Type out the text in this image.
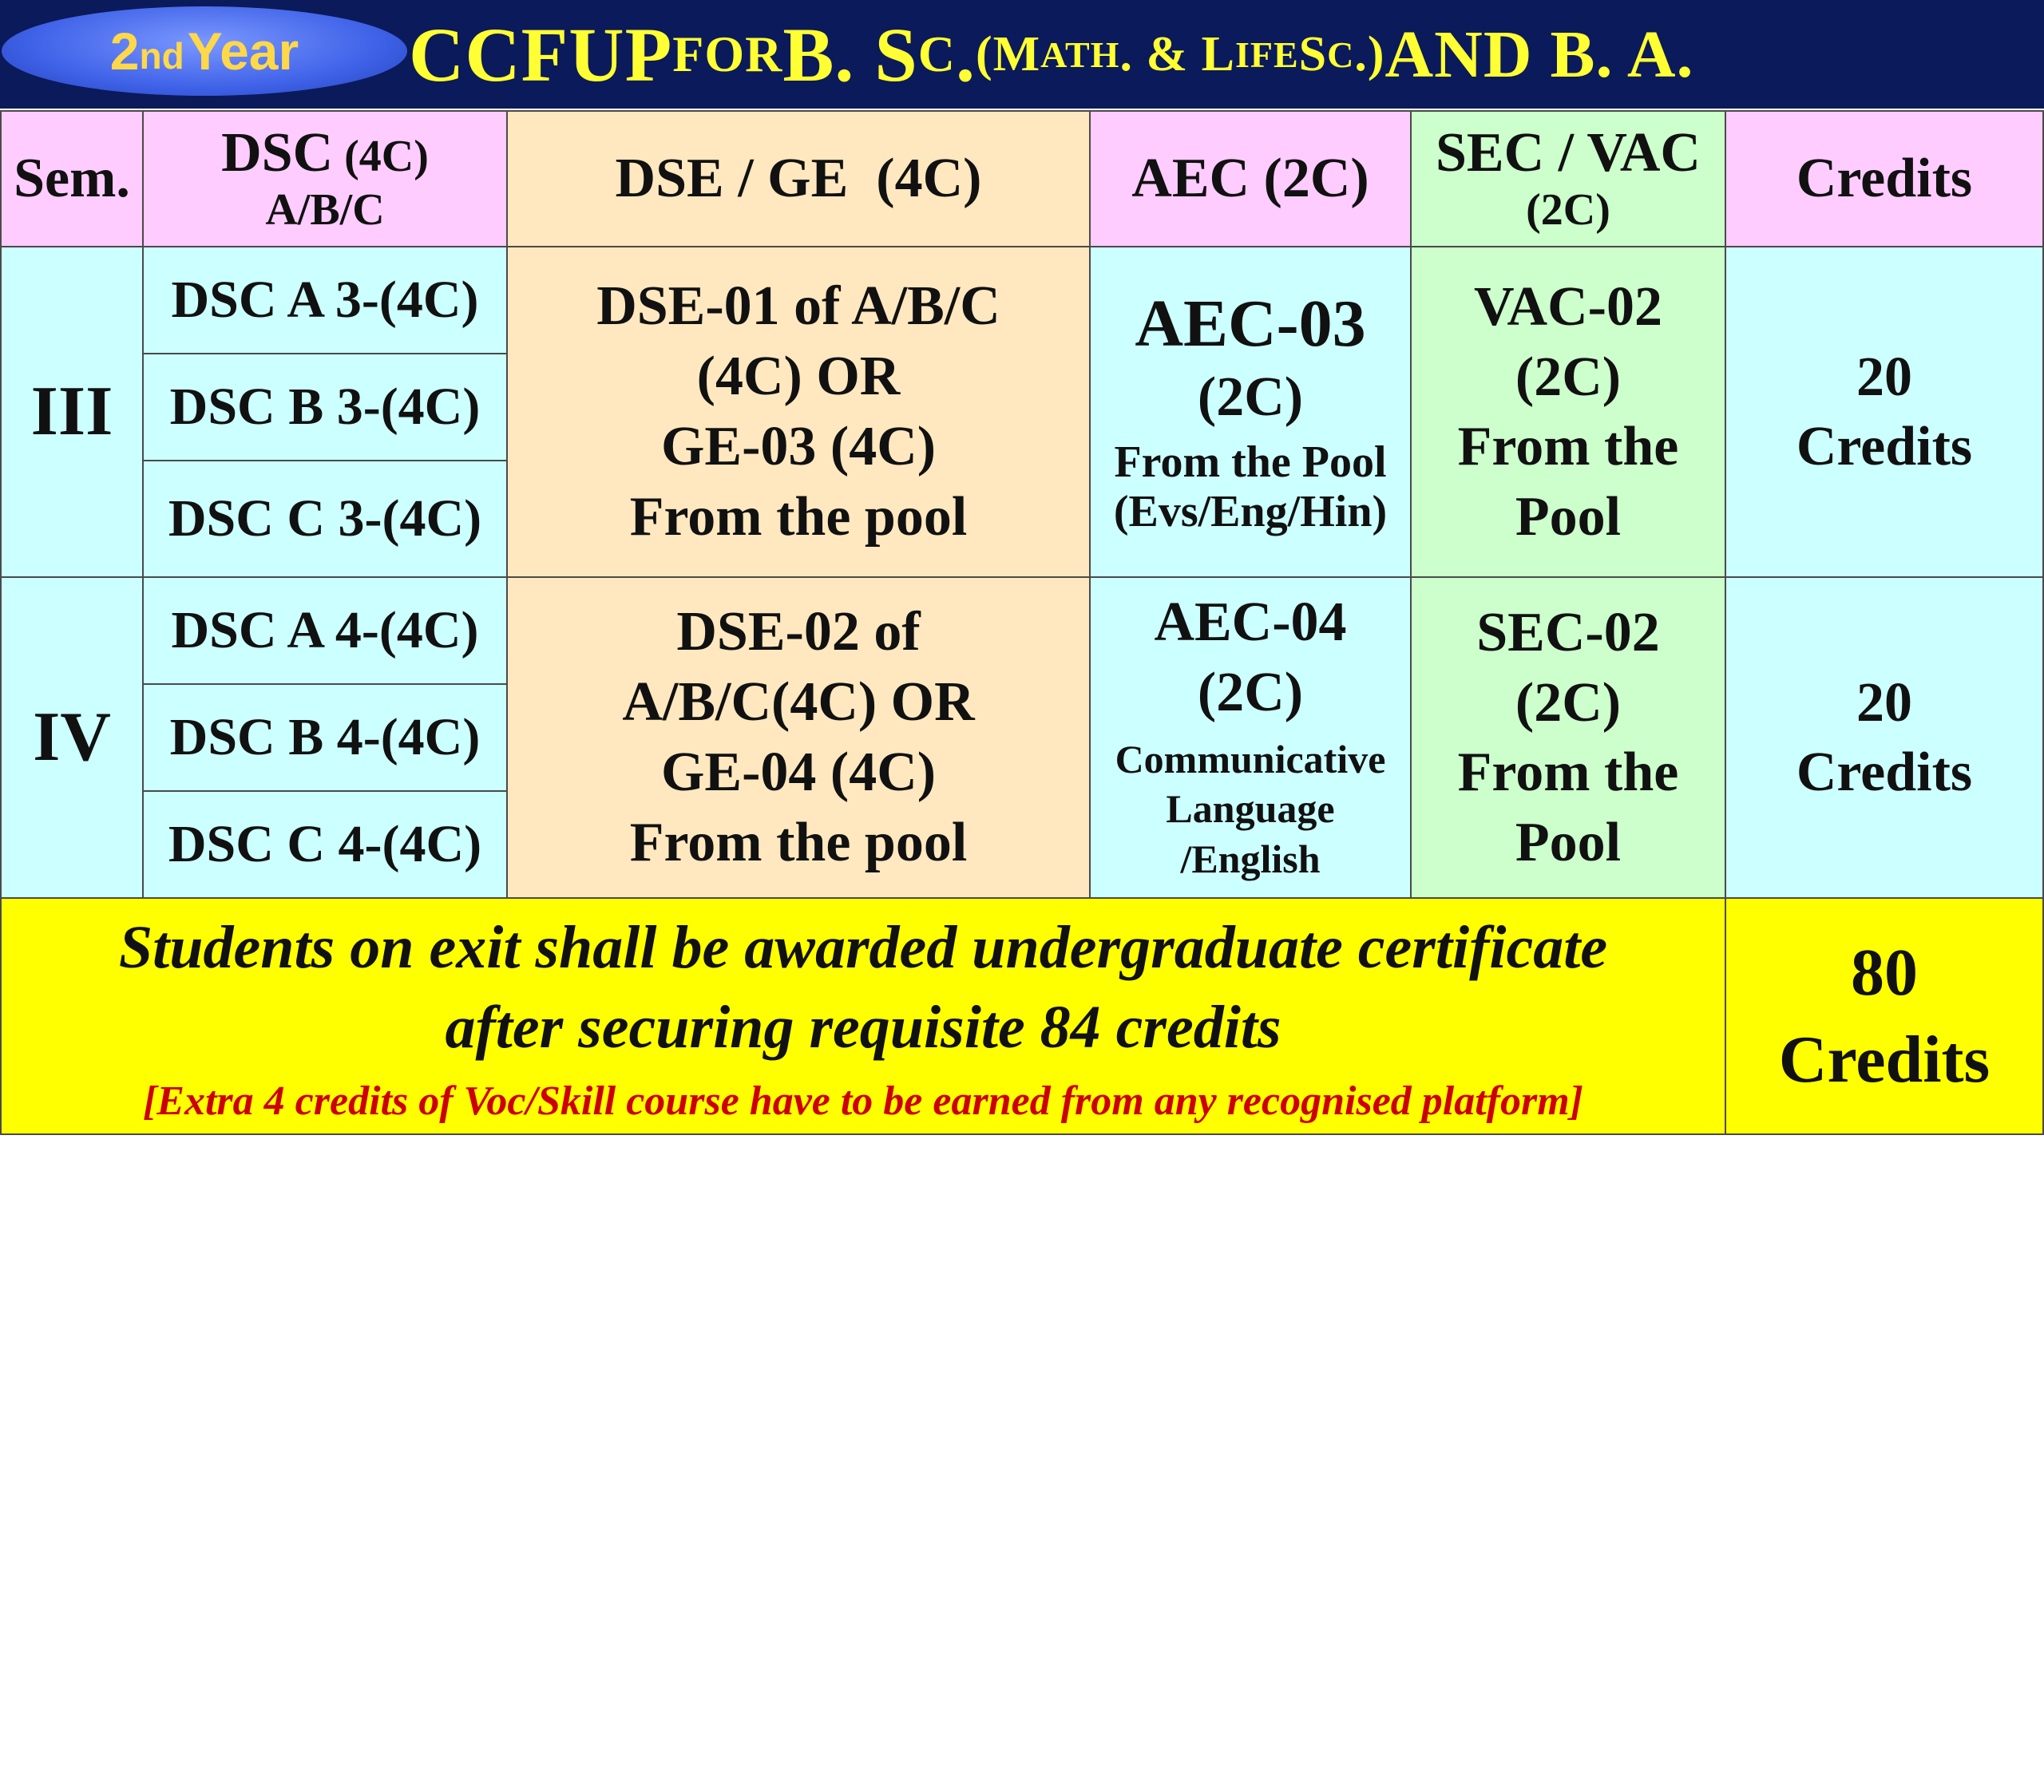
2 nd Year CCFUP FOR B. S C . (M ATH . & L IFE S C .) AND B. A.
Sem. DSC (4C)
A/B/C
DSE / GE  (4C)	AEC (2C) SEC / VAC
(2C)
Credits
III
DSC A 3-(4C)
DSC B 3-(4C)
DSC C 3-(4C)
DSE-01 of A/B/C
(4C) OR
GE-03 (4C)
From the pool
AEC-03
(2C)
From the Pool
(Evs/Eng/Hin)
VAC-02
(2C)
From the
Pool
20
Credits
IV
DSC A 4-(4C)
DSC B 4-(4C)
DSC C 4-(4C)
DSE-02 of
A/B/C(4C) OR
GE-04 (4C)
From the pool
AEC-04
(2C)
Communicative
Language
/English
SEC-02
(2C)
From the
Pool
20
Credits
Students on exit shall be awarded undergraduate certificate
after securing requisite 84 credits
[Extra 4 credits of Voc/Skill course have to be earned from any recognised platform]
80
Credits
